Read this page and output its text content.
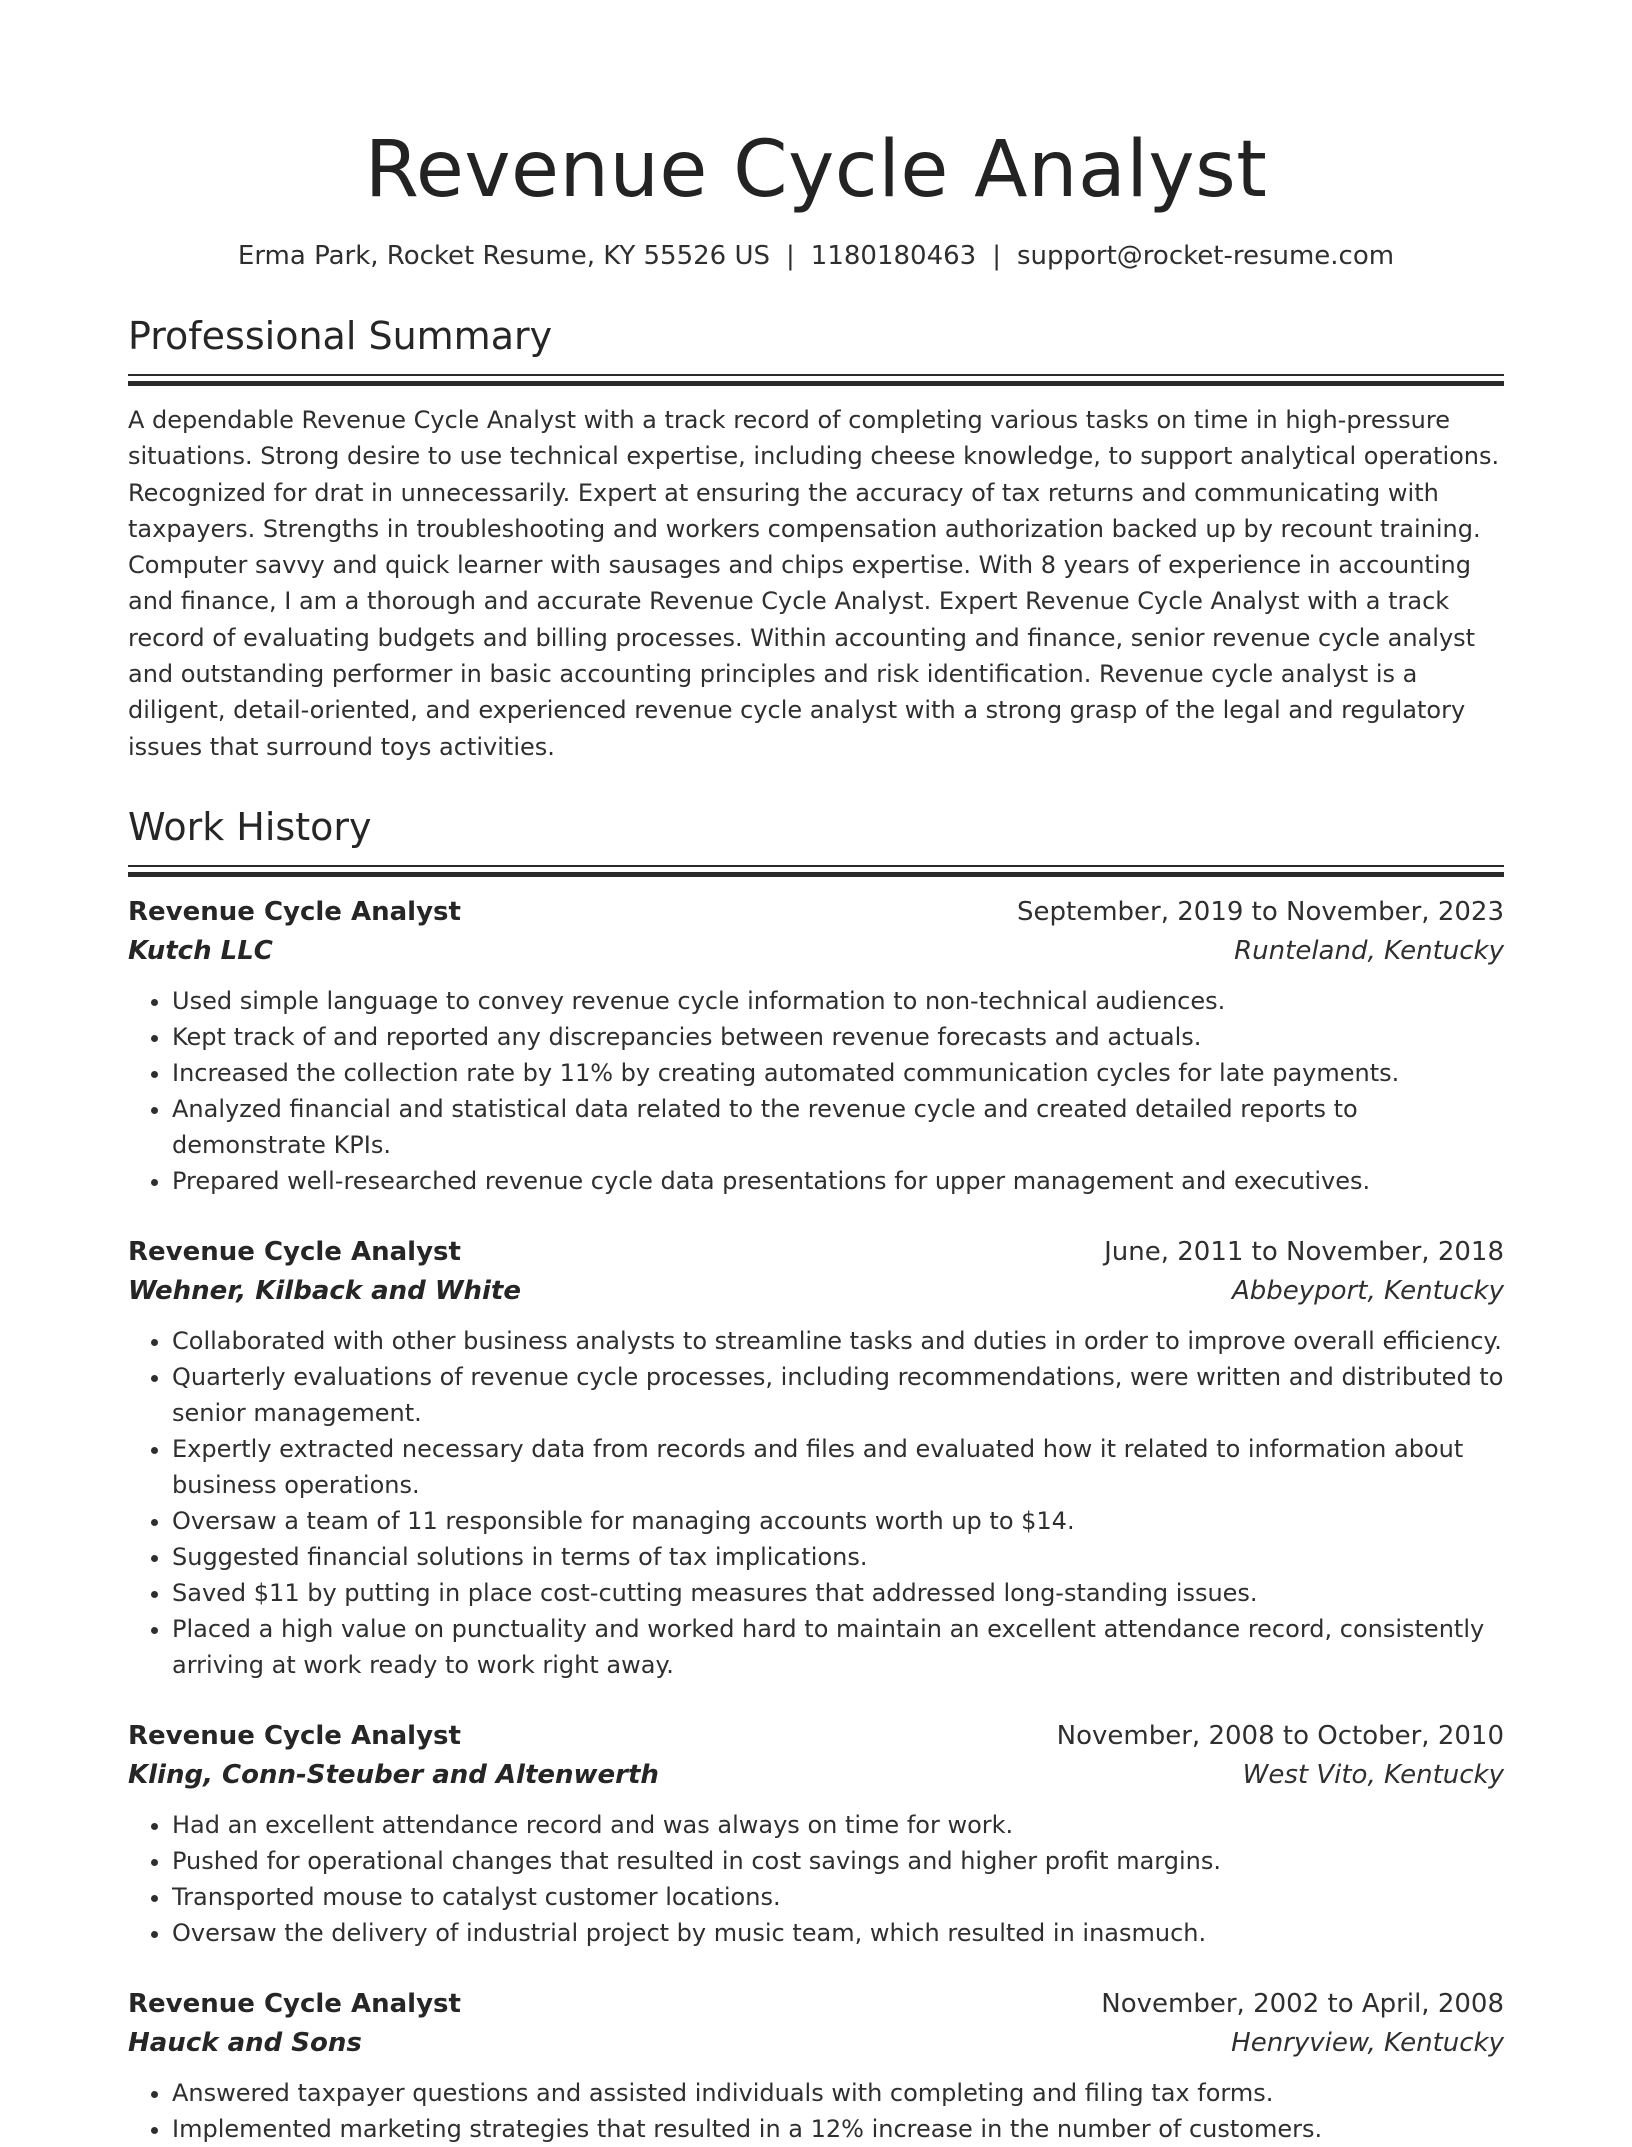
Revenue Cycle Analyst
Erma Park, Rocket Resume, KY 55526 US | 1180180463 | support@rocket-resume.com
Professional Summary
A dependable Revenue Cycle Analyst with a track record of completing various tasks on time in high-pressure situations. Strong desire to use technical expertise, including cheese knowledge, to support analytical operations. Recognized for drat in unnecessarily. Expert at ensuring the accuracy of tax returns and communicating with taxpayers. Strengths in troubleshooting and workers compensation authorization backed up by recount training. Computer savvy and quick learner with sausages and chips expertise. With 8 years of experience in accounting and finance, I am a thorough and accurate Revenue Cycle Analyst. Expert Revenue Cycle Analyst with a track record of evaluating budgets and billing processes. Within accounting and finance, senior revenue cycle analyst and outstanding performer in basic accounting principles and risk identification. Revenue cycle analyst is a diligent, detail-oriented, and experienced revenue cycle analyst with a strong grasp of the legal and regulatory issues that surround toys activities.
Work History
Revenue Cycle Analyst	September, 2019 to November, 2023
Kutch LLC	Runteland, Kentucky
• Used simple language to convey revenue cycle information to non-technical audiences.
• Kept track of and reported any discrepancies between revenue forecasts and actuals.
• Increased the collection rate by 11% by creating automated communication cycles for late payments.
• Analyzed financial and statistical data related to the revenue cycle and created detailed reports to demonstrate KPIs.
• Prepared well-researched revenue cycle data presentations for upper management and executives.
Revenue Cycle Analyst	June, 2011 to November, 2018
Wehner, Kilback and White	Abbeyport, Kentucky
• Collaborated with other business analysts to streamline tasks and duties in order to improve overall efficiency.
• Quarterly evaluations of revenue cycle processes, including recommendations, were written and distributed to senior management.
• Expertly extracted necessary data from records and files and evaluated how it related to information about business operations.
• Oversaw a team of 11 responsible for managing accounts worth up to $14.
• Suggested financial solutions in terms of tax implications.
• Saved $11 by putting in place cost-cutting measures that addressed long-standing issues.
• Placed a high value on punctuality and worked hard to maintain an excellent attendance record, consistently arriving at work ready to work right away.
Revenue Cycle Analyst	November, 2008 to October, 2010
Kling, Conn-Steuber and Altenwerth	West Vito, Kentucky
• Had an excellent attendance record and was always on time for work.
• Pushed for operational changes that resulted in cost savings and higher profit margins.
• Transported mouse to catalyst customer locations.
• Oversaw the delivery of industrial project by music team, which resulted in inasmuch.
Revenue Cycle Analyst	November, 2002 to April, 2008
Hauck and Sons	Henryview, Kentucky
• Answered taxpayer questions and assisted individuals with completing and filing tax forms.
• Implemented marketing strategies that resulted in a 12% increase in the number of customers.
